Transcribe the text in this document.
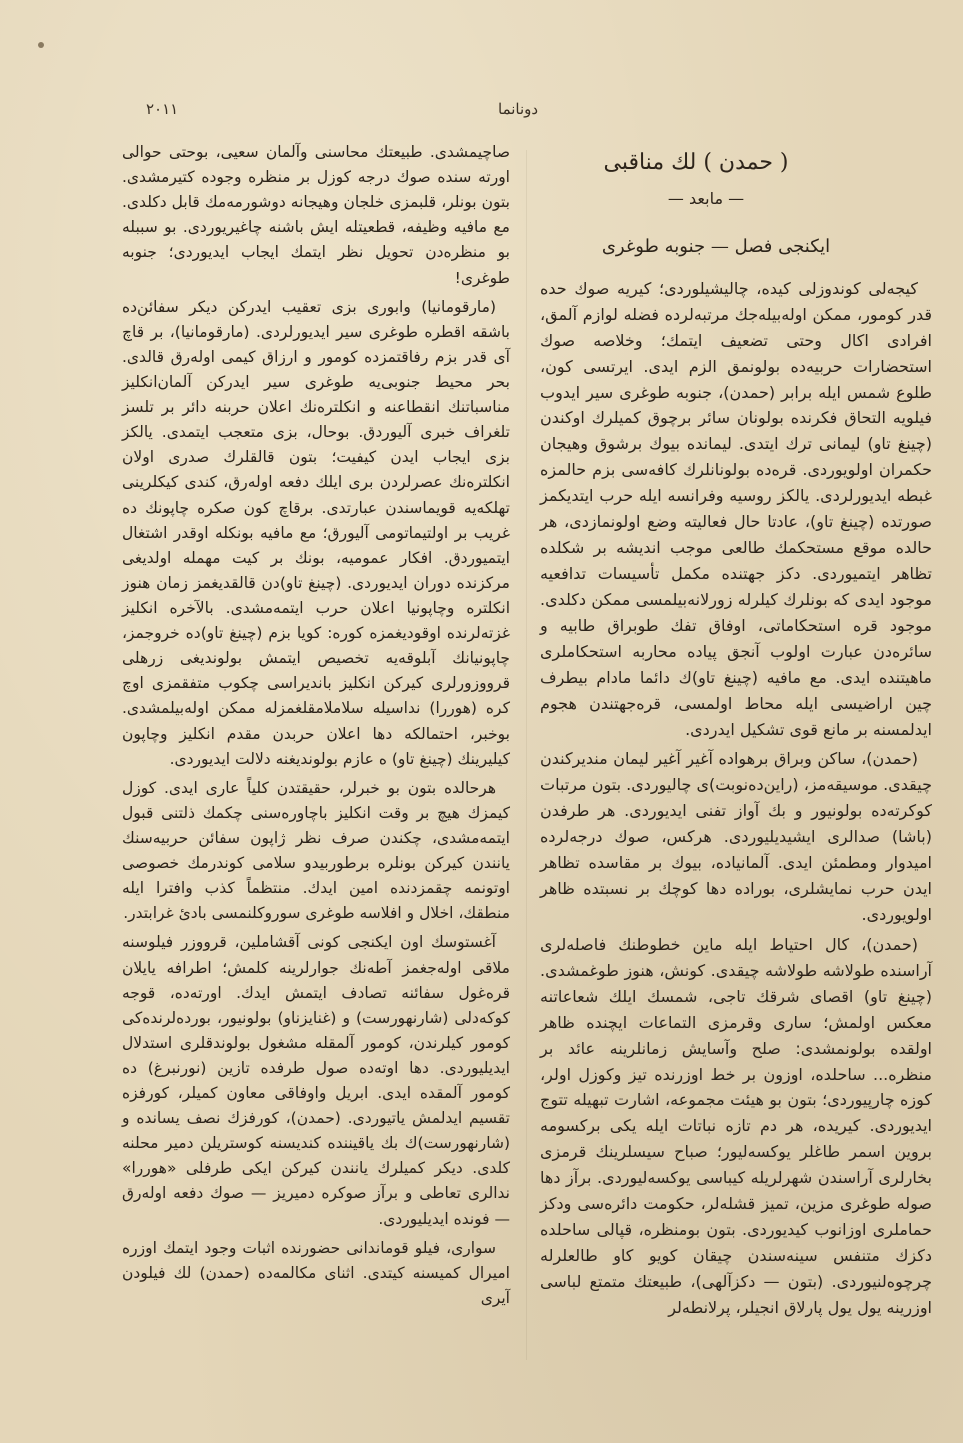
٢٠١١	دونانما
( حمدن ) لك مناقبى
— مابعد —
ايكنجى فصل — جنوبه طوغرى

كيجه‌لى كوندوزلى كيده، چاليشيلوردى؛ كيريه صوك حده قدر كومور، ممكن اوله‌بيله‌جك مرتبه‌لرده فضله لوازم آلمق، افرادى اكال وحتى تضعيف ايتمك؛ وخلاصه صوك استحضارات حربيه‌ده بولونمق الزم ايدى. ايرتسى كون، طلوع شمس ايله برابر (حمدن)، جنوبه طوغرى سير ايدوب فيلويه التحاق فكرنده بولونان سائر برچوق كميلرك اوكندن (چينغ تاو) ليمانى ترك ايتدى. ليمانده بيوك برشوق وهيجان حكمران اولويوردى. قره‌ده بولونانلرك كافه‌سى بزم حالمزه غبطه ايديورلردى. يالكز روسيه وفرانسه ايله حرب ايتديكمز صورتده (چينغ تاو)، عادتا حال فعاليته وضع اولونمازدى، هر حالده موقع مستحكمك طالعى موجب انديشه بر شكلده تظاهر ايتميوردى. دكز جهتنده مكمل تأسيسات تدافعيه موجود ايدى كه بونلرك كيلرله زورلانه‌بيلمسى ممكن دكلدى. موجود قره استحكاماتى، اوفاق تفك طوبراق طابيه و سائره‌دن عبارت اولوب آنجق پياده محاربه استحكاملرى ماهيتنده ايدى. مع مافيه (چينغ تاو)ك دائما مادام بيطرف چين اراضيسى ايله محاط اولمسى، قره‌جهتندن هجوم ايدلمسنه بر مانع قوى تشكيل ايدردى.

(حمدن)، ساكن وبراق برهواده آغير آغير ليمان منديركندن چيقدى. موسيقه‌مز، (راين‌ده‌نوبت)ى چاليوردى. بتون مرتبات كوكرته‌ده بولونيور و بك آواز تفنى ايديوردى. هر طرفدن (باشا) صدالرى ايشيديليوردى. هركس، صوك درجه‌لرده اميدوار ومطمئن ايدى. آلمانياده، بيوك بر مقاسده تظاهر ايدن حرب نمايشلرى، بوراده دها كوچك بر نسبتده ظاهر اولويوردى.

(حمدن)، كال احتياط ايله ماين خطوطنك فاصله‌لرى آراسنده طولاشه طولاشه چيقدى. كونش، هنوز طوغمشدى. (چينغ تاو) اقصاى شرقك تاجى، شمسك ايلك شعاعاتنه معكس اولمش؛ سارى وقرمزى التماعات ايچنده ظاهر اولقده بولونمشدى: صلح وآسايش زمانلرينه عائد بر منظره... ساحلده، اوزون بر خط اوزرنده تيز وكوزل اولر، كوزه چارپيوردى؛ بتون بو هيئت مجموعه، اشارت تبهيله تتوج ايديوردى. كيريده، هر دم تازه نباتات ايله يكى بركسومه بروين اسمر طاغلر يوكسه‌ليور؛ صباح سيسلرينك قرمزى بخارلرى آراسندن شهرلريله كيباسى يوكسه‌ليوردى. برآز دها صوله طوغرى مزين، تميز قشله‌لر، حكومت دائرەسى ودكز حماملرى اوزانوب كيديوردى. بتون بومنظره، قپالى ساحلده دكزك متنفس سينه‌سندن چيقان كويو كاو طالعلرله چرچوه‌لنيوردى. (بتون — دكزآلهى)، طبيعتك متمتع لباسى اوزرينه يول يول پارلاق انجيلر، پرلانطه‌لر

صاچيمشدى. طبيعتك محاسنى وآلمان سعيى، بوحتى حوالى اورته سنده صوك درجه كوزل بر منظره وجوده كتيرمشدى. بتون بونلر، قلبمزى خلجان وهيجانه دوشورمه‌مك قابل دكلدى. مع مافيه وظيفه، قطعيتله ايش باشنه چاغيريوردى. بو سببله بو منظره‌دن تحويل نظر ايتمك ايجاب ايديوردى؛ جنوبه طوغرى!

(مارقومانيا) وابورى بزى تعقيب ايدركن ديكر سفائن‌ده باشقه اقطره طوغرى سير ايديورلردى. (مارقومانيا)، بر قاچ آى قدر بزم رفاقتمزده كومور و ارزاق كيمى اوله‌رق قالدى. بحر محيط جنوبى‌يه طوغرى سير ايدركن آلمان‌انكليز مناسباتنك انقطاعنه و انكلتره‌نك اعلان حربنه دائر بر تلسز تلغراف خبرى آليوردق. بوحال، بزى متعجب ايتمدى. يالكز بزى ايجاب ايدن كيفيت؛ بتون قالقلرك صدرى اولان انكلتره‌نك عصرلردن برى ايلك دفعه اوله‌رق، كندى كيكلرينى تهلكه‌يه قويماسندن عبارتدى. برقاچ كون صكره چاپونك ده غريب بر اولتيماتومى آليورق؛ مع مافيه بونكله اوقدر اشتغال ايتميوردق. افكار عموميه، بونك بر كيت مهمله اولديغى مركزنده دوران ايديوردى. (چينغ تاو)دن قالقديغمز زمان هنوز انكلتره وچاپونيا اعلان حرب ايتمه‌مشدى. بالآخره انكليز غزته‌لرنده اوقوديغمزه كوره: كويا بزم (چينغ تاو)ده خروجمز، چاپونيانك آبلوقه‌يه تخصيص ايتمش بولونديغى زرهلى قرووزورلرى كيركن انكليز بانديراسى چكوب متفقمزى اوچ كره (هوررا) نداسيله سلاملامقلغمزله ممكن اوله‌بيلمشدى. بوخبر، احتمالكه دها اعلان حربدن مقدم انكليز وچاپون كيليرينك (چينغ تاو) ه عازم بولونديغنه دلالت ايديوردى.

هرحالده بتون بو خبرلر، حقيقتدن كلياً عارى ايدى. كوزل كيمزك هيچ بر وقت انكليز باچاورەسنى چكمك ذلتنى قبول ايتمه‌مشدى، چكندن صرف نظر ژاپون سفائن حربيه‌سنك يانندن كيركن بونلره برطوربيدو سلامى كوندرمك خصوصى اوتونمه چقمزدنده امين ايدك. منتظماً كذب وافترا ايله منطقك، اخلال و افلاسه طوغرى سوروكلنمسى بادئ غرابتدر.

آغستوسك اون ايكنجى كونى آقشاملين، قرووزر فيلوسنه ملاقى اوله‌جغمز آطه‌نك جوارلرينه كلمش؛ اطرافه يايلان قرەغول سفائنه تصادف ايتمش ايدك. اورتەده، قوجه كوكه‌دلى (شارنهورست) و (غنايزناو) بولونيور، بوردەلرندەكى كومور كيلرندن، كومور آلمقله مشغول بولوندقلرى استدلال ايديليوردى. دها اوتەده صول طرفده تازين (نورنبرغ) ده كومور آلمقده ايدى. ابريل واوفاقى معاون كميلر، كورفزه تقسيم ايدلمش ياتيوردى. (حمدن)، كورفزك نصف يساندە و (شارنهورست)ك بك ياقيننده كنديسنه كوستريلن دمير محلنه كلدى. ديكر كميلرك يانندن كيركن ايكى طرفلى «هوررا» ندالرى تعاطى و برآز صوكره دميريز — صوك دفعه اوله‌رق — فونده ايديليوردى.

سوارى، فيلو قوماندانى حضورنده اثبات وجود ايتمك اوزره اميرال كميسنه كيتدى. اثناى مكالمه‌ده (حمدن) لك فيلودن آيرى
